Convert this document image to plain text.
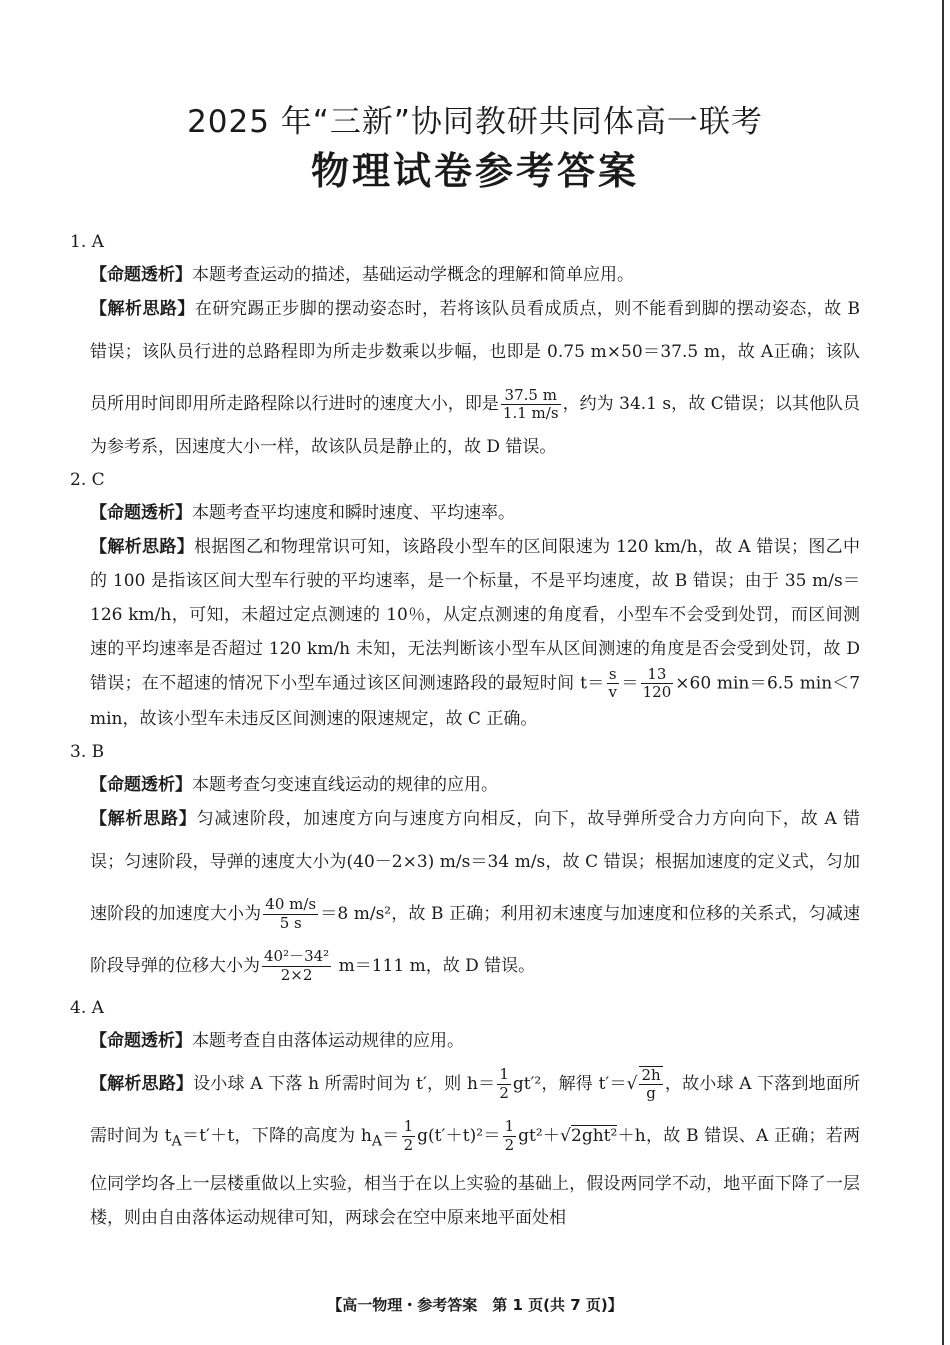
2025 年“三新”协同教研共同体高一联考
物理试卷参考答案

1. A

【命题透析】本题考查运动的描述，基础运动学概念的理解和简单应用。

【解析思路】在研究踢正步脚的摆动姿态时，若将该队员看成质点，则不能看到脚的摆动姿态，故 B 错误；该队员行进的总路程即为所走步数乘以步幅，也即是 0.75 m×50＝37.5 m，故 A正确；该队员所用时间即用所走路程除以行进时的速度大小，即是 $\frac{37.5 m}{1.1 m/s}$ ，约为 34.1 s，故 C错误；以其他队员为参考系，因速度大小一样，故该队员是静止的，故 D 错误。

2. C

【命题透析】本题考查平均速度和瞬时速度、平均速率。

【解析思路】根据图乙和物理常识可知，该路段小型车的区间限速为 120 km/h，故 A 错误；图乙中的 100 是指该区间大型车行驶的平均速率，是一个标量，不是平均速度，故 B 错误；由于 35 m/s＝126 km/h，可知，未超过定点测速的 10％，从定点测速的角度看，小型车不会受到处罚，而区间测速的平均速率是否超过 120 km/h 未知，无法判断该小型车从区间测速的角度是否会受到处罚，故 D 错误；在不超速的情况下小型车通过该区间测速路段的最短时间 $t= \frac{s}{v} = \frac{13}{120} \times 60$ min＝6.5 min＜7 min，故该小型车未违反区间测速的限速规定，故 C 正确。

3. B

【命题透析】本题考查匀变速直线运动的规律的应用。

【解析思路】匀减速阶段，加速度方向与速度方向相反，向下，故导弹所受合力方向向下，故 A 错误；匀速阶段，导弹的速度大小为(40－2×3) m/s＝34 m/s，故 C 错误；根据加速度的定义式，匀加速阶段的加速度大小为 $\frac{40 m/s}{5 s} =8$ m/s²，故 B 正确；利用初末速度与加速度和位移的关系式，匀减速阶段导弹的位移大小为 $\frac{\text{40²－34²}}{2\times 2} m=111$ m，故 D 错误。

4. A

【命题透析】本题考查自由落体运动规律的应用。

【解析思路】设小球 A 下落 h 所需时间为 t′，则 $h= \frac{1}{2} gt'^2$，解得 $t'=√ \frac{2h}{g}$ ，故小球 A 下落到地面所需时间为 $t_A=t'+t$，下降的高度为 $h_A= \frac{1}{2} g(t'+t)^2= \frac{1}{2} gt^2+√2ght^2+h$，故 B 错误、A 正确；若两位同学均各上一层楼重做以上实验，相当于在以上实验的基础上，假设两同学不动，地平面下降了一层楼，则由自由落体运动规律可知，两球会在空中原来地平面处相

【高一物理・参考答案　第 1 页(共 7 页)】
